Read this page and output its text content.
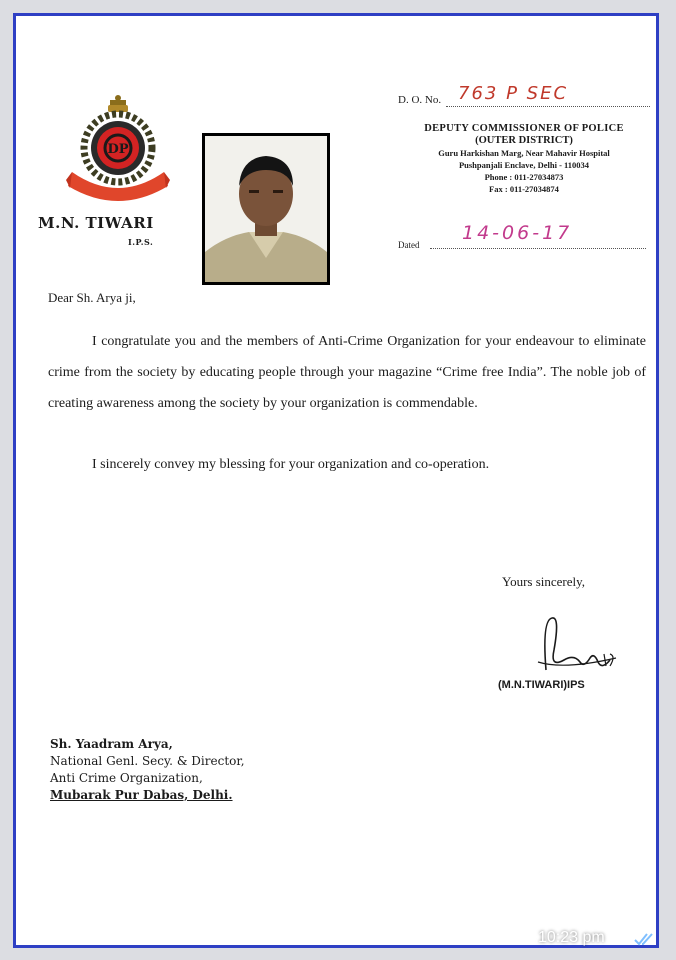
DP
M.N. TIWARI
I.P.S.
D. O. No. 763 P SEC
DEPUTY COMMISSIONER OF POLICE
(OUTER DISTRICT)
Guru Harkishan Marg, Near Mahavir Hospital
Pushpanjali Enclave, Delhi - 110034
Phone : 011-27034873
Fax : 011-27034874
Dated
14-06-17
Dear Sh. Arya ji,
I congratulate you and the members of Anti-Crime Organization for your endeavour to eliminate crime from the society by educating people through your magazine “Crime free India”. The noble job of creating awareness among the society by your organization is commendable.
I sincerely convey my blessing for your organization and co-operation.
Yours sincerely,
(M.N.TIWARI)IPS
Sh. Yaadram Arya,
National Genl. Secy. & Director,
Anti Crime Organization,
Mubarak Pur Dabas, Delhi.
10:23 pm
